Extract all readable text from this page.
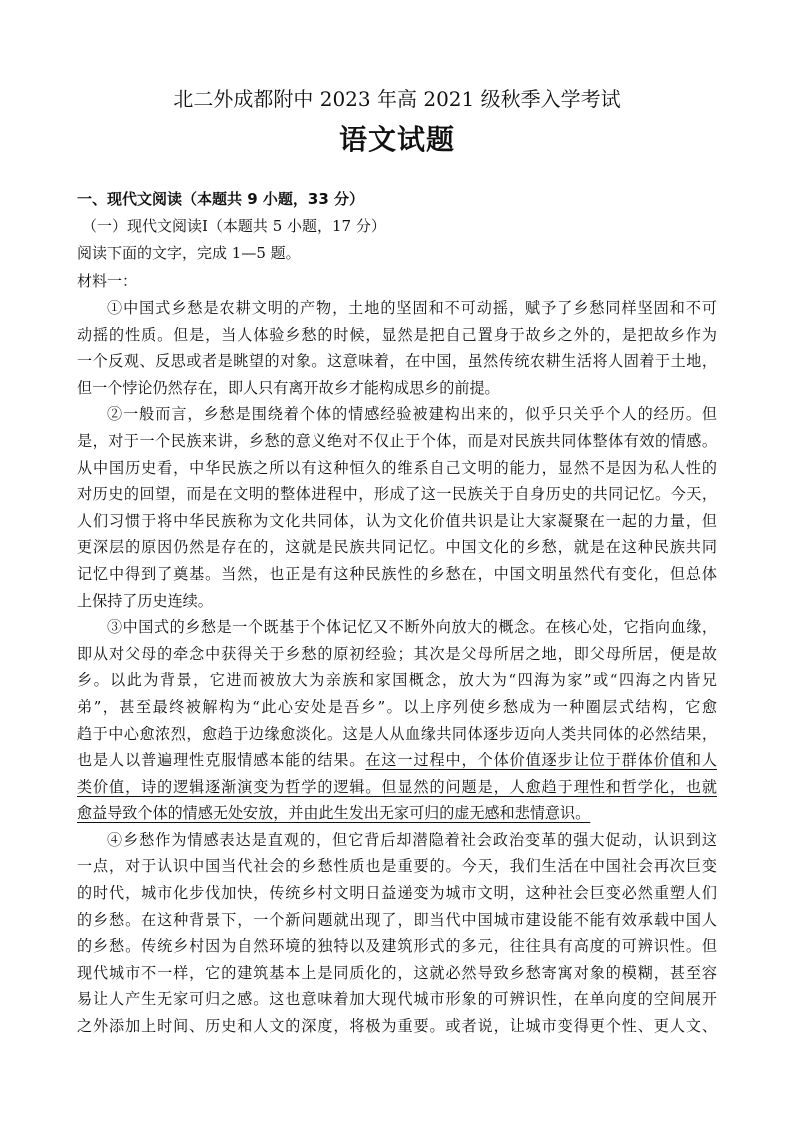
北二外成都附中 2023 年高 2021 级秋季入学考试
语文试题
一、现代文阅读（本题共 9 小题，33 分）
（一）现代文阅读Ⅰ（本题共 5 小题，17 分）
阅读下面的文字，完成 1—5 题。
材料一：

①中国式乡愁是农耕文明的产物，土地的坚固和不可动摇，赋予了乡愁同样坚固和不可
动摇的性质。但是，当人体验乡愁的时候，显然是把自己置身于故乡之外的，是把故乡作为
一个反观、反思或者是眺望的对象。这意味着，在中国，虽然传统农耕生活将人固着于土地，
但一个悖论仍然存在，即人只有离开故乡才能构成思乡的前提。

②一般而言，乡愁是围绕着个体的情感经验被建构出来的，似乎只关乎个人的经历。但
是，对于一个民族来讲，乡愁的意义绝对不仅止于个体，而是对民族共同体整体有效的情感。
从中国历史看，中华民族之所以有这种恒久的维系自己文明的能力，显然不是因为私人性的
对历史的回望，而是在文明的整体进程中，形成了这一民族关于自身历史的共同记忆。今天，
人们习惯于将中华民族称为文化共同体，认为文化价值共识是让大家凝聚在一起的力量，但
更深层的原因仍然是存在的，这就是民族共同记忆。中国文化的乡愁，就是在这种民族共同
记忆中得到了奠基。当然，也正是有这种民族性的乡愁在，中国文明虽然代有变化，但总体
上保持了历史连续。

③中国式的乡愁是一个既基于个体记忆又不断外向放大的概念。在核心处，它指向血缘，
即从对父母的牵念中获得关于乡愁的原初经验；其次是父母所居之地，即父母所居，便是故
乡。以此为背景，它进而被放大为亲族和家国概念，放大为“四海为家”或“四海之内皆兄
弟”，甚至最终被解构为“此心安处是吾乡”。以上序列使乡愁成为一种圈层式结构，它愈
趋于中心愈浓烈，愈趋于边缘愈淡化。这是人从血缘共同体逐步迈向人类共同体的必然结果，
也是人以普遍理性克服情感本能的结果。在这一过程中，个体价值逐步让位于群体价值和人
类价值，诗的逻辑逐渐演变为哲学的逻辑。但显然的问题是，人愈趋于理性和哲学化，也就
愈益导致个体的情感无处安放，并由此生发出无家可归的虚无感和悲情意识。

④乡愁作为情感表达是直观的，但它背后却潜隐着社会政治变革的强大促动，认识到这
一点，对于认识中国当代社会的乡愁性质也是重要的。今天，我们生活在中国社会再次巨变
的时代，城市化步伐加快，传统乡村文明日益递变为城市文明，这种社会巨变必然重塑人们
的乡愁。在这种背景下，一个新问题就出现了，即当代中国城市建设能不能有效承载中国人
的乡愁。传统乡村因为自然环境的独特以及建筑形式的多元，往往具有高度的可辨识性。但
现代城市不一样，它的建筑基本上是同质化的，这就必然导致乡愁寄寓对象的模糊，甚至容
易让人产生无家可归之感。这也意味着加大现代城市形象的可辨识性，在单向度的空间展开
之外添加上时间、历史和人文的深度，将极为重要。或者说，让城市变得更个性、更人文、
